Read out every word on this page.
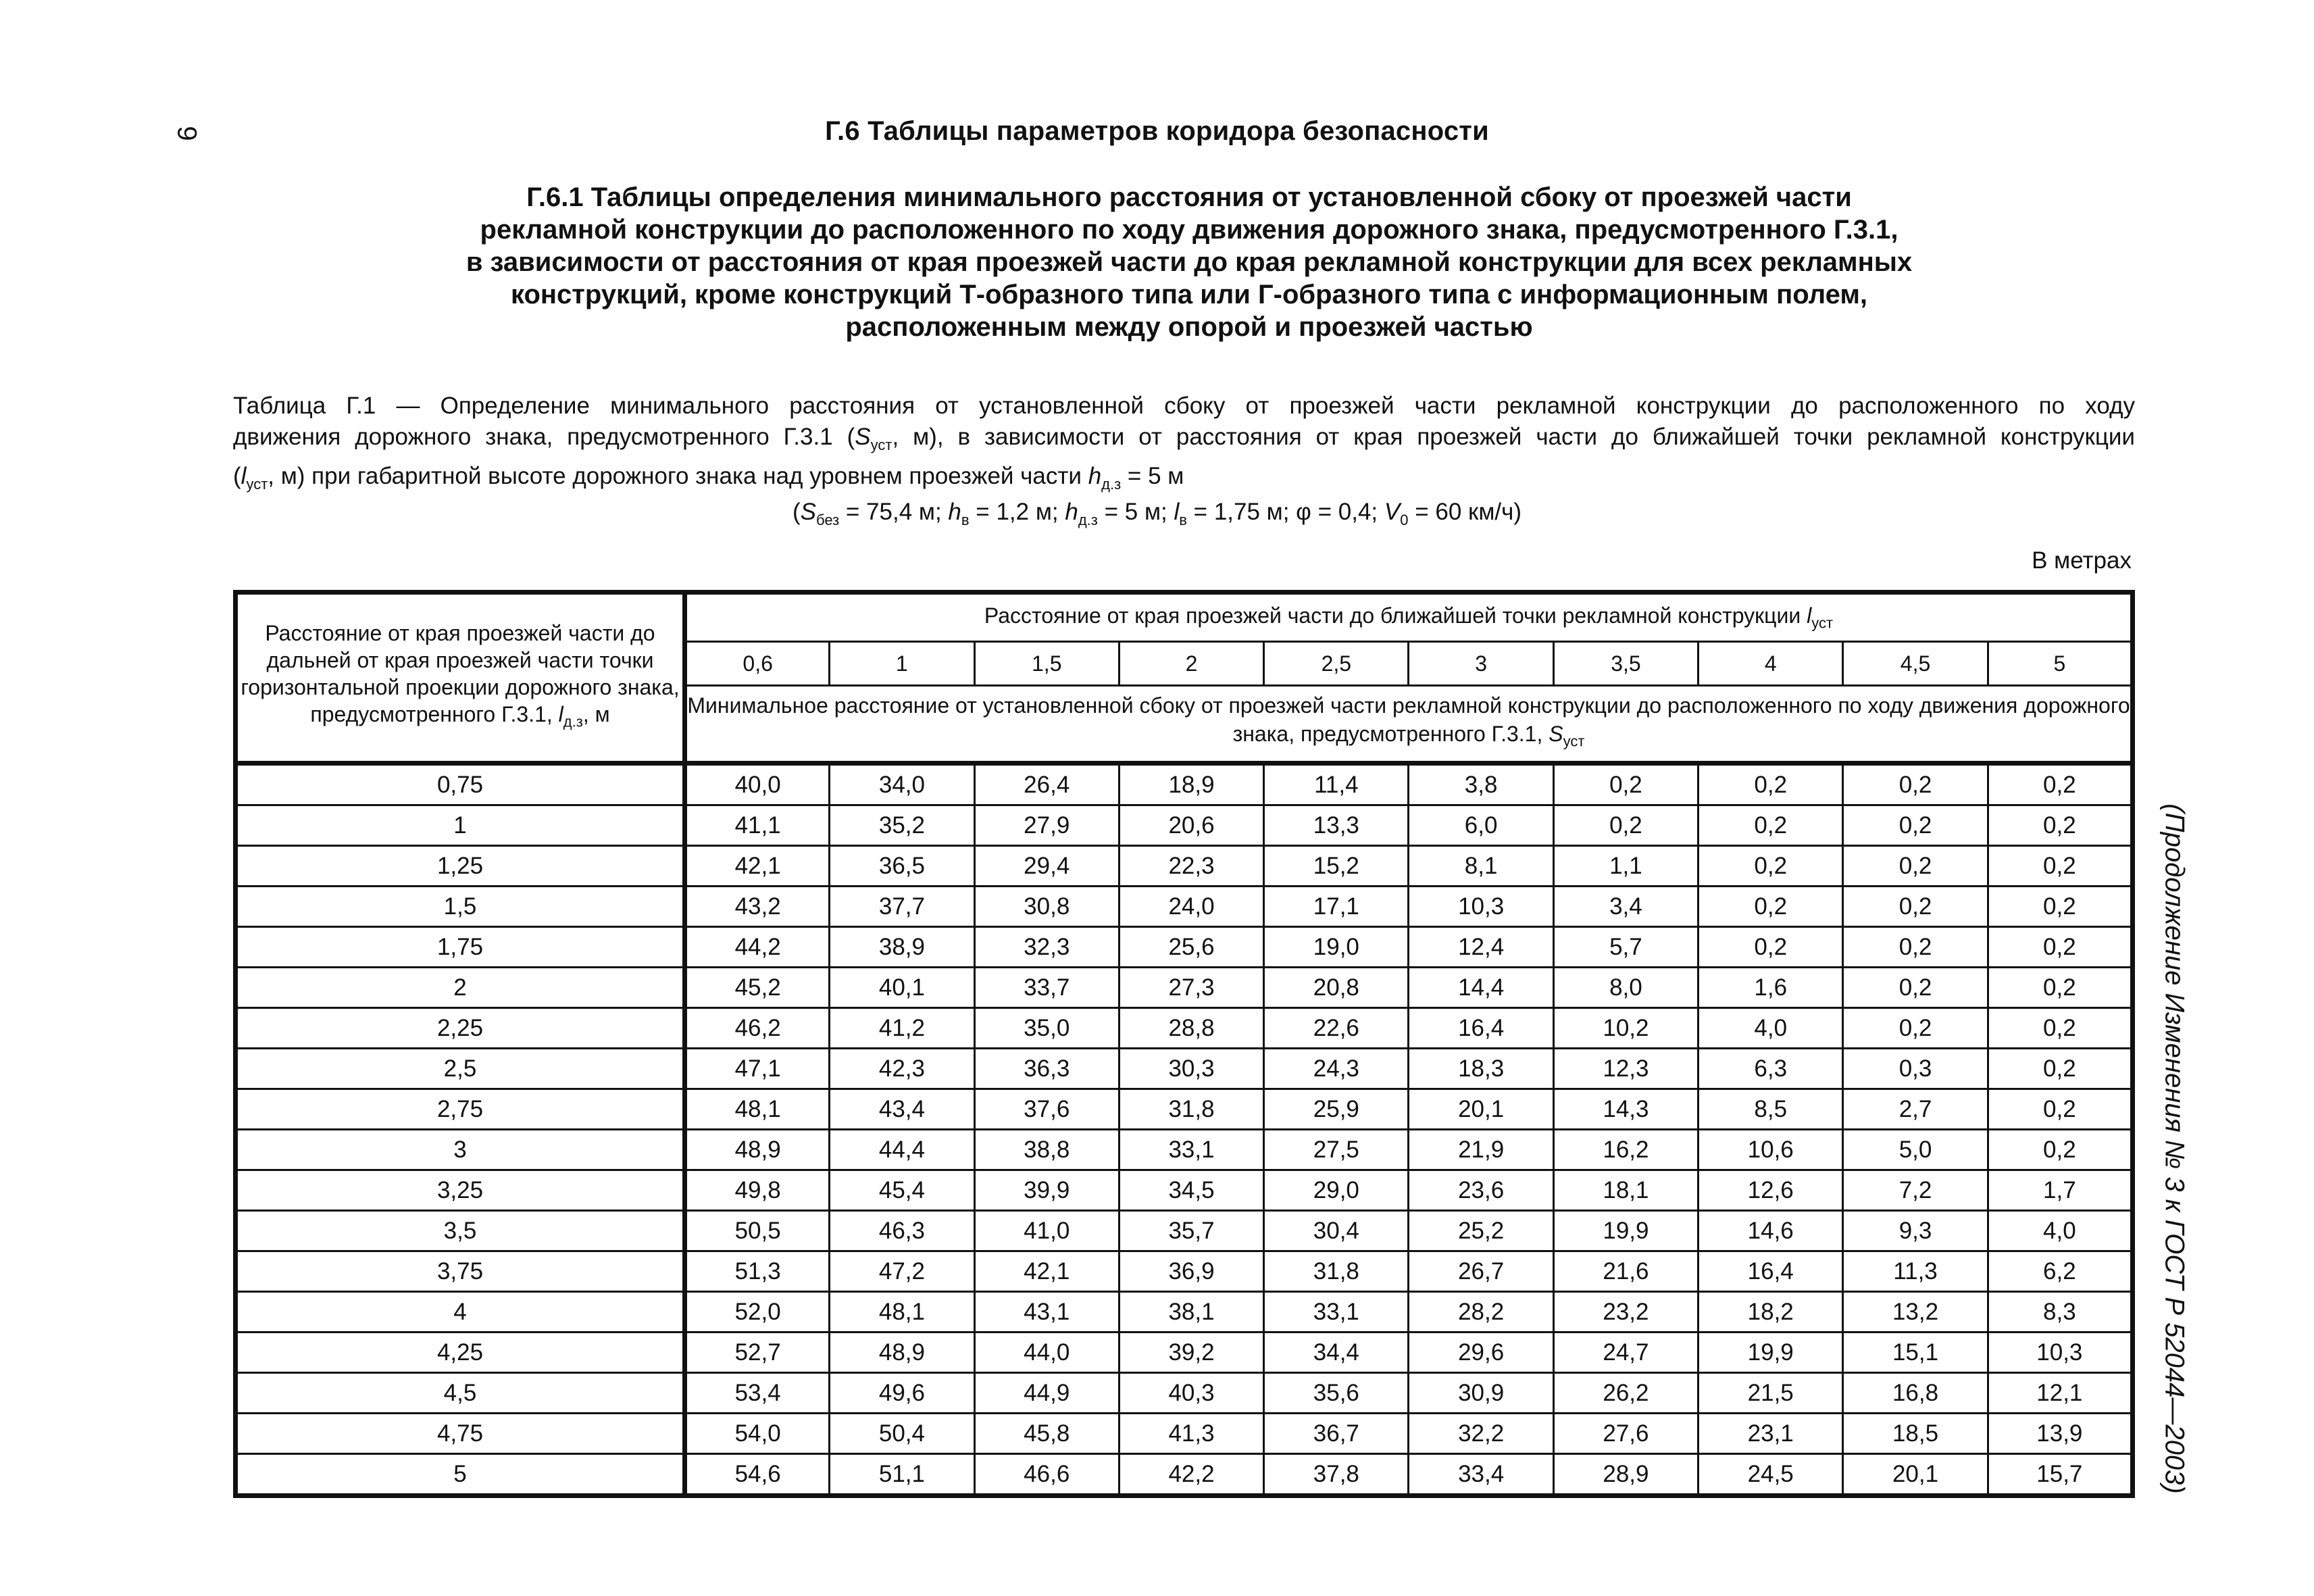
9	Г.6 Таблицы параметров коридора безопасности
Г.6.1 Таблицы определения минимального расстояния от установленной сбоку от проезжей части
рекламной конструкции до расположенного по ходу движения дорожного знака, предусмотренного Г.3.1,
в зависимости от расстояния от края проезжей части до края рекламной конструкции для всех рекламных
конструкций, кроме конструкций Т-образного типа или Г-образного типа с информационным полем,
расположенным между опорой и проезжей частью
Таблица Г.1 — Определение минимального расстояния от установленной сбоку от проезжей части рекламной конструкции до расположенного по ходу
движения дорожного знака, предусмотренного Г.3.1 ($S_{уст}$, м), в зависимости от расстояния от края проезжей части до ближайшей точки рекламной конструкции
($l_{уст}$, м) при габаритной высоте дорожного знака над уровнем проезжей части $h_{д.з} = 5$ м
($S_{без} = 75,4$ м; $h_в = 1,2$ м; $h_{д.з} = 5$ м; $l_в = 1,75$ м; φ = 0,4; $V_0 = 60$ км/ч)
В метрах
(Продолжение Изменения № 3 к ГОСТ Р 52044—2003)
Расстояние от края проезжей части до дальней от края проезжей части точки горизонтальной проекции дорожного знака, предусмотренного Г.3.1, $l_{д.з}$, м	Расстояние от края проезжей части до ближайшей точки рекламной конструкции $l_{уст}$
	0,6	1	1,5	2	2,5	3	3,5	4	4,5	5
	Минимальное расстояние от установленной сбоку от проезжей части рекламной конструкции до расположенного по ходу движения дорожного знака, предусмотренного Г.3.1, $S_{уст}$
0,75	40,0	34,0	26,4	18,9	11,4	3,8	0,2	0,2	0,2	0,2
1	41,1	35,2	27,9	20,6	13,3	6,0	0,2	0,2	0,2	0,2
1,25	42,1	36,5	29,4	22,3	15,2	8,1	1,1	0,2	0,2	0,2
1,5	43,2	37,7	30,8	24,0	17,1	10,3	3,4	0,2	0,2	0,2
1,75	44,2	38,9	32,3	25,6	19,0	12,4	5,7	0,2	0,2	0,2
2	45,2	40,1	33,7	27,3	20,8	14,4	8,0	1,6	0,2	0,2
2,25	46,2	41,2	35,0	28,8	22,6	16,4	10,2	4,0	0,2	0,2
2,5	47,1	42,3	36,3	30,3	24,3	18,3	12,3	6,3	0,3	0,2
2,75	48,1	43,4	37,6	31,8	25,9	20,1	14,3	8,5	2,7	0,2
3	48,9	44,4	38,8	33,1	27,5	21,9	16,2	10,6	5,0	0,2
3,25	49,8	45,4	39,9	34,5	29,0	23,6	18,1	12,6	7,2	1,7
3,5	50,5	46,3	41,0	35,7	30,4	25,2	19,9	14,6	9,3	4,0
3,75	51,3	47,2	42,1	36,9	31,8	26,7	21,6	16,4	11,3	6,2
4	52,0	48,1	43,1	38,1	33,1	28,2	23,2	18,2	13,2	8,3
4,25	52,7	48,9	44,0	39,2	34,4	29,6	24,7	19,9	15,1	10,3
4,5	53,4	49,6	44,9	40,3	35,6	30,9	26,2	21,5	16,8	12,1
4,75	54,0	50,4	45,8	41,3	36,7	32,2	27,6	23,1	18,5	13,9
5	54,6	51,1	46,6	42,2	37,8	33,4	28,9	24,5	20,1	15,7
